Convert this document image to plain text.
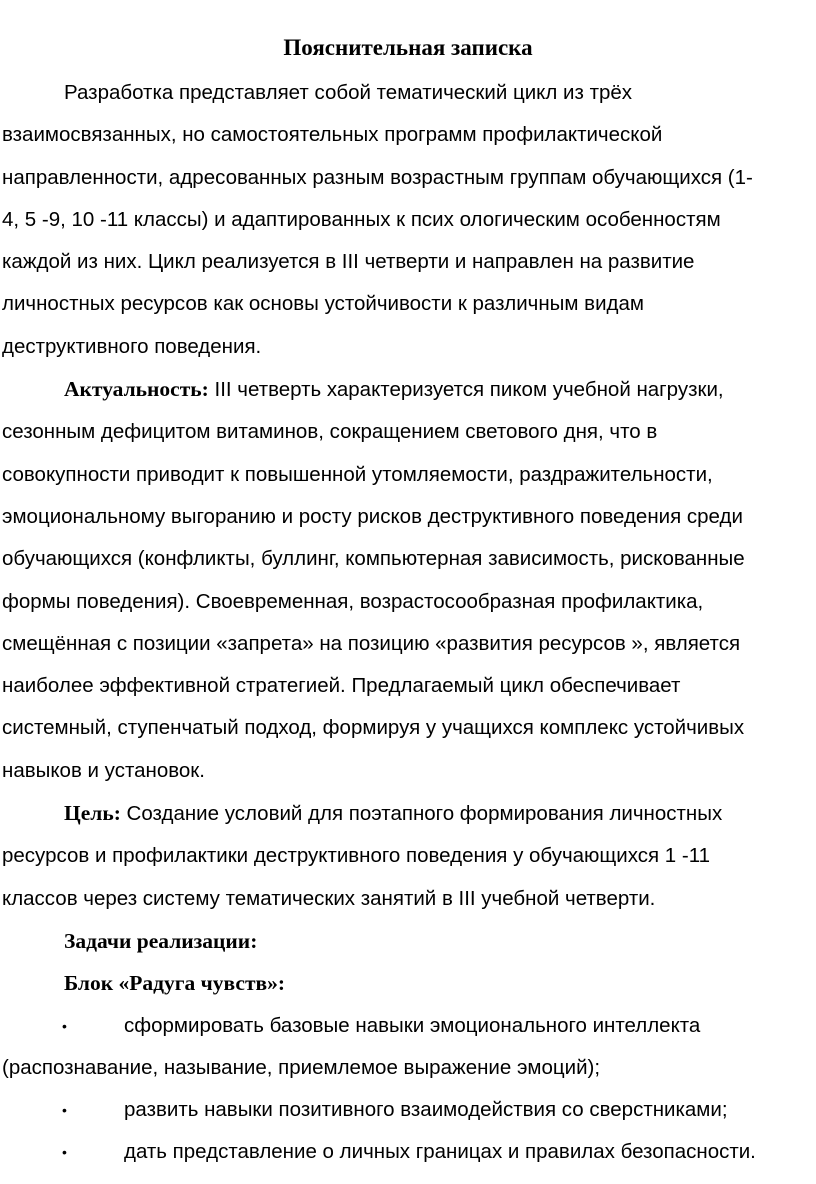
Пояснительная записка

Разработка представляет собой тематический цикл из трёх
взаимосвязанных, но самостоятельных программ профилактической
направленности, адресованных разным возрастным группам обучающихся (1-
4, 5 -9, 10 -11 классы) и адаптированных к псих ологическим особенностям
каждой из них. Цикл реализуется в III четверти и направлен на развитие
личностных ресурсов как основы устойчивости к различным видам
деструктивного поведения.

Актуальность: III четверть характеризуется пиком учебной нагрузки,
сезонным дефицитом витаминов, сокращением светового дня, что в
совокупности приводит к повышенной утомляемости, раздражительности,
эмоциональному выгоранию и росту рисков деструктивного поведения среди
обучающихся (конфликты, буллинг, компьютерная зависимость, рискованные
формы поведения). Своевременная, возрастосообразная профилактика,
смещённая с позиции «запрета» на позицию «развития ресурсов », является
наиболее эффективной стратегией. Предлагаемый цикл обеспечивает
системный, ступенчатый подход, формируя у учащихся комплекс устойчивых
навыков и установок.

Цель: Создание условий для поэтапного формирования личностных
ресурсов и профилактики деструктивного поведения у обучающихся 1 -11
классов через систему тематических занятий в III учебной четверти.

Задачи реализации:

Блок «Радуга чувств»:

•	сформировать базовые навыки эмоционального интеллекта
(распознавание, называние, приемлемое выражение эмоций);
•	развить навыки позитивного взаимодействия со сверстниками;
•	дать представление о личных границах и правилах безопасности.
